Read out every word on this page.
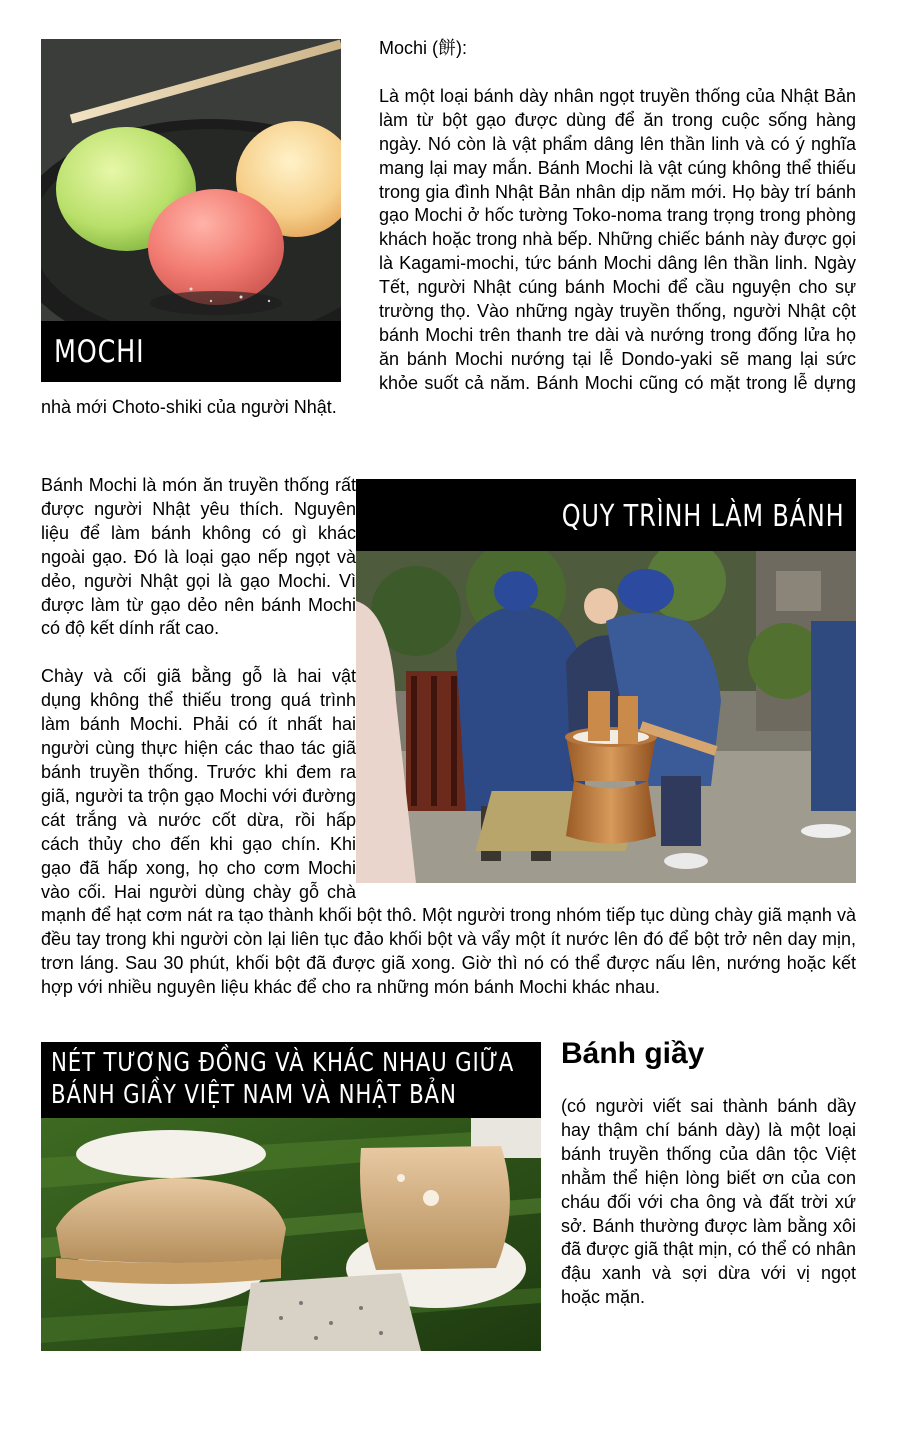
MOCHI

Mochi (餅):

Là một loại bánh dày nhân ngọt truyền thống của Nhật Bản làm từ bột gạo được dùng để ăn trong cuộc sống hàng ngày. Nó còn là vật phẩm dâng lên thần linh và có ý nghĩa mang lại may mắn. Bánh Mochi là vật cúng không thể thiếu trong gia đình Nhật Bản nhân dịp năm mới. Họ bày trí bánh gạo Mochi ở hốc tường Toko-noma trang trọng trong phòng khách hoặc trong nhà bếp. Những chiếc bánh này được gọi là Kagami-mochi, tức bánh Mochi dâng lên thần linh. Ngày Tết, người Nhật cúng bánh Mochi để cầu nguyện cho sự trường thọ. Vào những ngày truyền thống, người Nhật cột bánh Mochi trên thanh tre dài và nướng trong đống lửa họ ăn bánh Mochi nướng tại lễ Dondo-yaki sẽ mang lại sức khỏe suốt cả năm. Bánh Mochi cũng có mặt trong lễ dựng nhà mới Choto-shiki của người Nhật.

QUY TRÌNH LÀM BÁNH

Bánh Mochi là món ăn truyền thống rất được người Nhật yêu thích. Nguyên liệu để làm bánh không có gì khác ngoài gạo. Đó là loại gạo nếp ngọt và dẻo, người Nhật gọi là gạo Mochi. Vì được làm từ gạo dẻo nên bánh Mochi có độ kết dính rất cao.

Chày và cối giã bằng gỗ là hai vật dụng không thể thiếu trong quá trình làm bánh Mochi. Phải có ít nhất hai người cùng thực hiện các thao tác giã bánh truyền thống. Trước khi đem ra giã, người ta trộn gạo Mochi với đường cát trắng và nước cốt dừa, rồi hấp cách thủy cho đến khi gạo chín. Khi gạo đã hấp xong, họ cho cơm Mochi vào cối. Hai người dùng chày gỗ chà mạnh để hạt cơm nát ra tạo thành khối bột thô. Một người trong nhóm tiếp tục dùng chày giã mạnh và đều tay trong khi người còn lại liên tục đảo khối bột và vẩy một ít nước lên đó để bột trở nên day mịn, trơn láng. Sau 30 phút, khối bột đã được giã xong. Giờ thì nó có thể được nấu lên, nướng hoặc kết hợp với nhiều nguyên liệu khác để cho ra những món bánh Mochi khác nhau.

NÉT TƯƠNG ĐỒNG VÀ KHÁC NHAU GIỮA
BÁNH GIẦY VIỆT NAM VÀ NHẬT BẢN
Bánh giầy

(có người viết sai thành bánh dầy hay thậm chí bánh dày) là một loại bánh truyền thống của dân tộc Việt nhằm thể hiện lòng biết ơn của con cháu đối với cha ông và đất trời xứ sở. Bánh thường được làm bằng xôi đã được giã thật mịn, có thể có nhân đậu xanh và sợi dừa với vị ngọt hoặc mặn.
